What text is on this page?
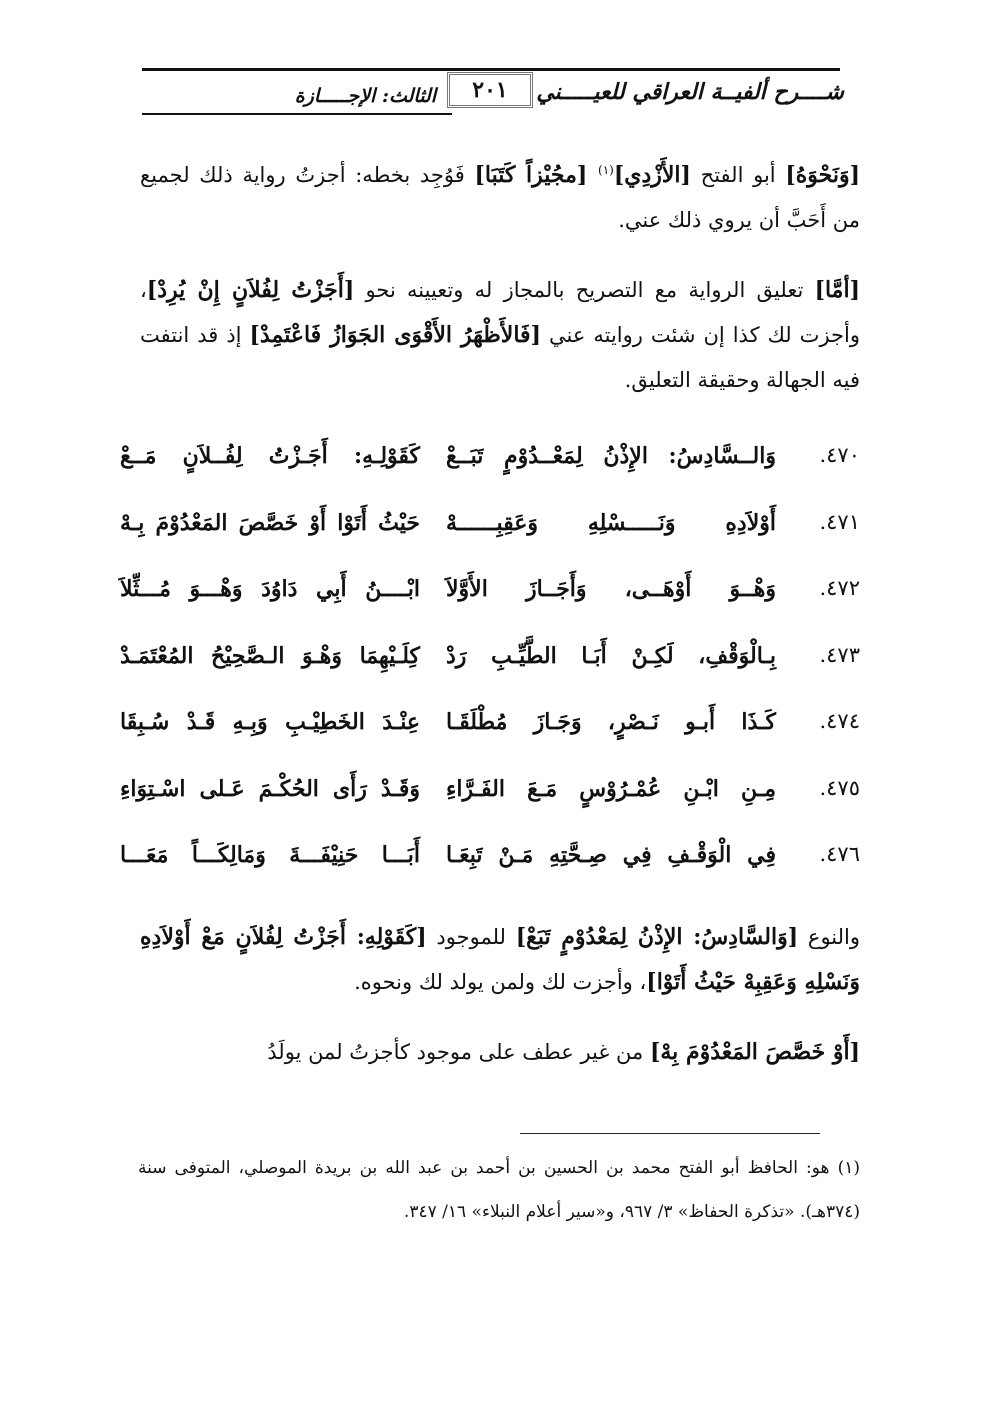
شــــرح ألفيــة العراقي للعيـــــني
٢٠١
الثالث: الإجـــــازة
[وَنَحْوَهُ] أبو الفتح [الأَزْدِي]$^{(١)}$ [مجُيْزاً كَتَبَا] فَوُجِد بخطه: أجزتُ رواية ذلك لجميع من أَحَبَّ أن يروي ذلك عني.
[أمَّا] تعليق الرواية مع التصريح بالمجاز له وتعيينه نحو [أَجَزْتُ لِفُلاَنٍ إِنْ يُرِدْ]، وأجزت لك كذا إن شئت روايته عني [فَالأَظْهَرُ الأَقْوَى الجَوَازُ فَاعْتَمِدْ] إذ قد انتفت فيه الجهالة وحقيقة التعليق.
٤٧٠.
وَالــسَّادِسُ: الإِذْنُ لِمَعْــدُوْمٍ تَبَــعْ
كَقَوْلِـهِ: أَجَـزْتُ لِفُــلاَنٍ مَــعْ
٤٧١.
أَوْلاَدِهِ وَنَـــــسْلِهِ وَعَقِبِــــــهْ
حَيْثُ أَتَوْا أَوْ خَصَّصَ المَعْدُوْمَ بِـهْ
٤٧٢.
وَهْــوَ أَوْهَــى، وَأَجَــازَ الأَوَّلاَ
ابْــــنُ أَبِي دَاوُدَ وَهْـــوَ مُـــثِّلاَ
٤٧٣.
بِـالْوَقْفِ، لَكِـنْ أَبَـا الطَّيِّـبِ رَدْ
كِلَـيْهِمَا وَهْـوَ الـصَّحِيْحُ المُعْتَمَـدْ
٤٧٤.
كَـذَا أَبـو نَـصْرٍ، وَجَـازَ مُطْلَقَـا
عِنْـدَ الخَطِيْـبِ وَبِـهِ قَـدْ سُـبِقَا
٤٧٥.
مِـنِ ابْـنِ عُمْـرُوْسٍ مَـعَ الفَـرَّاءِ
وَقَـدْ رَأَى الحُكْـمَ عَـلى اسْـتِوَاءِ
٤٧٦.
فِي الْوَقْـفِ فِي صِـحَّتِهِ مَـنْ تَبِعَـا
أَبَـــا حَنِيْفَـــةَ وَمَالِكَـــاً مَعَـــا
والنوع [وَالسَّادِسُ: الإِذْنُ لِمَعْدُوْمٍ تَبَعْ] للموجود [كَقَوْلِهِ: أَجَزْتُ لِفُلاَنٍ مَعْ أَوْلاَدِهِ وَنَسْلِهِ وَعَقِبِهْ حَيْثُ أَتَوْا]، وأجزت لك ولمن يولد لك ونحوه.
[أَوْ خَصَّصَ المَعْدُوْمَ بِهْ] من غير عطف على موجود كأجزتُ لمن يولَدُ
(١) هو: الحافظ أبو الفتح محمد بن الحسين بن أحمد بن عبد الله بن بريدة الموصلي، المتوفى سنة (٣٧٤هـ). «تذكرة الحفاظ» ٣/ ٩٦٧، و«سير أعلام النبلاء» ١٦/ ٣٤٧.
